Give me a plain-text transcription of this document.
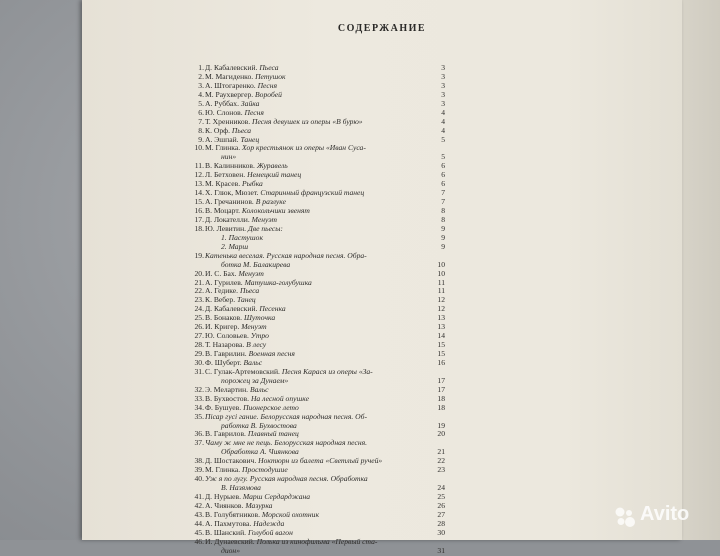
СОДЕРЖАНИЕ
1. Д. Кабалевский. Пьеса	3
2. М. Магиденко. Петушок	3
3. А. Штогаренко. Песня	3
4. М. Раухвергер. Воробей	3
5. А. Руббах. Зайка	3
6. Ю. Слонов. Песня	4
7. Т. Хренников. Песня девушек из оперы «В бурю»	4
8. К. Орф. Пьеса	4
9. А. Эшпай. Танец	5
10. М. Глинка. Хор крестьянок из оперы «Иван Суса-
нин»	5
11. В. Калинников. Журавель	6
12. Л. Бетховен. Немецкий танец	6
13. М. Красев. Рыбка	6
14. Х. Глюк, Мюзет. Старинный французский танец	7
15. А. Гречанинов. В разлуке	7
16. В. Моцарт. Колокольчики звенят	8
17. Д. Локателли. Менуэт	8
18. Ю. Левитин. Две пьесы:	9
1. Пастушок	9
2. Марш	9
19. Катенька веселая. Русская народная песня. Обра-
ботка М. Балакирева	10
20. И. С. Бах. Менуэт	10
21. А. Гурилев. Матушка-голубушка	11
22. А. Гедике. Пьеса	11
23. К. Вебер. Танец	12
24. Д. Кабалевский. Песенка	12
25. В. Бонаков. Шуточка	13
26. И. Кригер. Менуэт	13
27. Ю. Соловьев. Утро	14
28. Т. Назарова. В лесу	15
29. В. Гаврилин. Военная песня	15
30. Ф. Шуберт. Вальс	16
31. С. Гулак-Артемовский. Песня Карася из оперы «За-
порожец за Дунаем»	17
32. Э. Мелартин. Вальс	17
33. В. Бухвостов. На лесной опушке	18
34. Ф. Бушуев. Пионерское лето	18
35. Пісар гусі гание. Белорусская народная песня. Об-
работка В. Бухвостова	19
36. В. Гаврилов. Плавный танец	20
37. Чаму ж мне не пець. Белорусская народная песня.
Обработка А. Чиянкова	21
38. Д. Шостакович. Ноктюрн из балета «Светлый ручей»	22
39. М. Глинка. Простодушие	23
40. Уж я по лугу. Русская народная песня. Обработка
В. Назямова	24
41. Д. Нурыев. Марш Сердарджана	25
42. А. Чиянков. Мазурка	26
43. В. Голубятников. Морской охотник	27
44. А. Пахмутова. Надежда	28
45. В. Шанский. Голубой вагон	30
46. И. Дунаевский. Полька из кинофильма «Первый ста-
дион»	31
Avito
